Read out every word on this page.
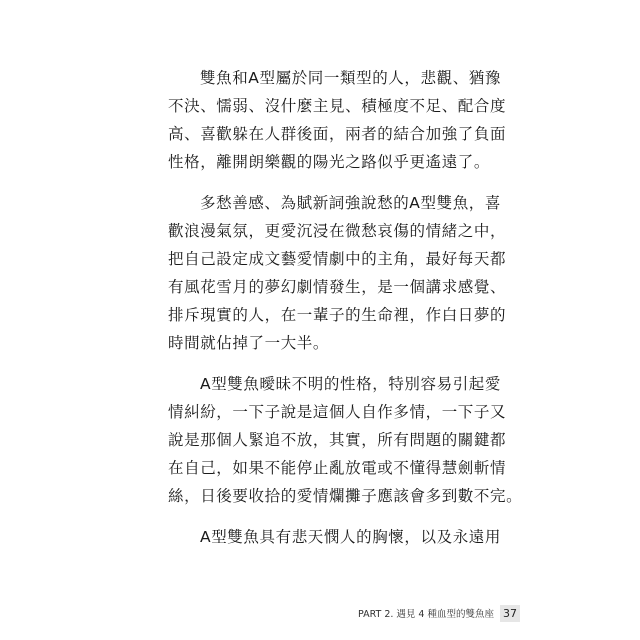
雙魚和A型屬於同一類型的人，悲觀、猶豫
不決、懦弱、沒什麼主見、積極度不足、配合度
高、喜歡躲在人群後面，兩者的結合加強了負面
性格，離開朗樂觀的陽光之路似乎更遙遠了。
多愁善感、為賦新詞強說愁的A型雙魚，喜
歡浪漫氣氛，更愛沉浸在微愁哀傷的情緒之中，
把自己設定成文藝愛情劇中的主角，最好每天都
有風花雪月的夢幻劇情發生，是一個講求感覺、
排斥現實的人，在一輩子的生命裡，作白日夢的
時間就佔掉了一大半。
A型雙魚曖昧不明的性格，特別容易引起愛
情糾紛，一下子說是這個人自作多情，一下子又
說是那個人緊追不放，其實，所有問題的關鍵都
在自己，如果不能停止亂放電或不懂得慧劍斬情
絲，日後要收拾的愛情爛攤子應該會多到數不完。
A型雙魚具有悲天憫人的胸懷，以及永遠用
PART 2. 遇見 4 種血型的雙魚座 37
